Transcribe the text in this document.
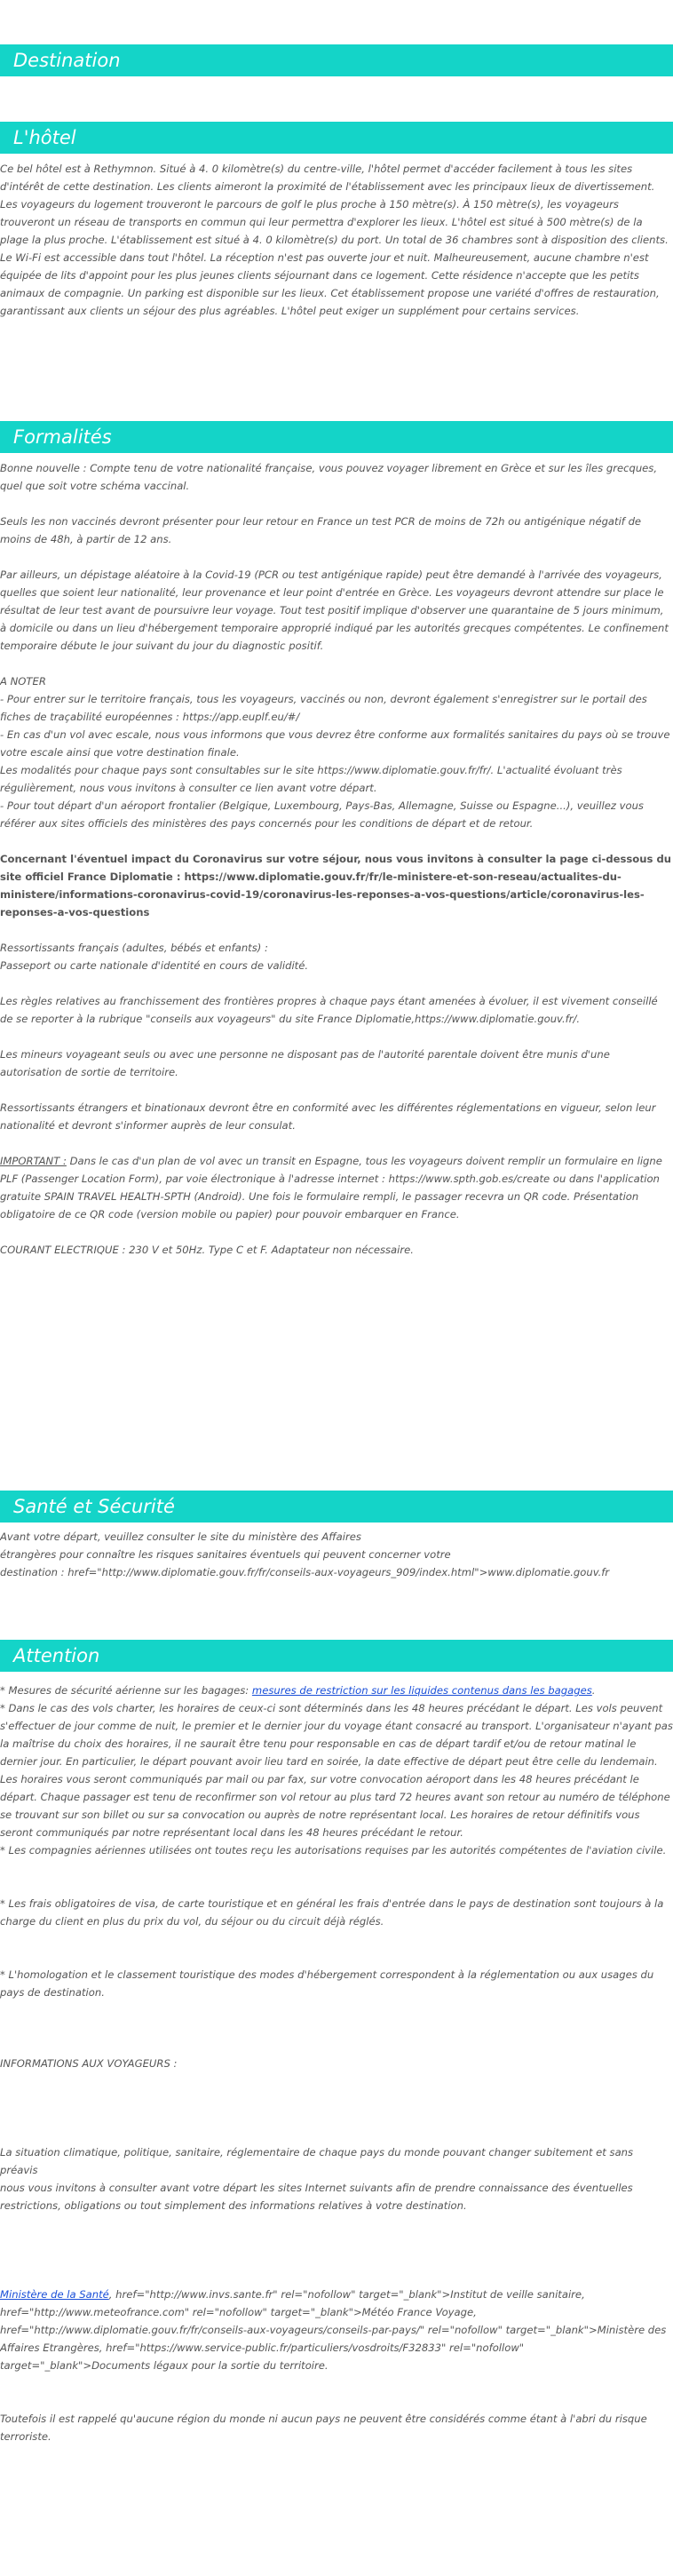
Destination
L'hôtel

Ce bel hôtel est à Rethymnon. Situé à 4. 0 kilomètre(s) du centre-ville, l'hôtel permet d'accéder facilement à tous les sites d'intérêt de cette destination. Les clients aimeront la proximité de l'établissement avec les principaux lieux de divertissement. Les voyageurs du logement trouveront le parcours de golf le plus proche à 150 mètre(s). À 150 mètre(s), les voyageurs trouveront un réseau de transports en commun qui leur permettra d'explorer les lieux. L'hôtel est situé à 500 mètre(s) de la plage la plus proche. L'établissement est situé à 4. 0 kilomètre(s) du port. Un total de 36 chambres sont à disposition des clients. Le Wi-Fi est accessible dans tout l'hôtel. La réception n'est pas ouverte jour et nuit. Malheureusement, aucune chambre n'est équipée de lits d'appoint pour les plus jeunes clients séjournant dans ce logement. Cette résidence n'accepte que les petits animaux de compagnie. Un parking est disponible sur les lieux. Cet établissement propose une variété d'offres de restauration, garantissant aux clients un séjour des plus agréables. L'hôtel peut exiger un supplément pour certains services.

Formalités

Bonne nouvelle : Compte tenu de votre nationalité française, vous pouvez voyager librement en Grèce et sur les îles grecques, quel que soit votre schéma vaccinal.

Seuls les non vaccinés devront présenter pour leur retour en France un test PCR de moins de 72h ou antigénique négatif de moins de 48h, à partir de 12 ans.

Par ailleurs, un dépistage aléatoire à la Covid-19 (PCR ou test antigénique rapide) peut être demandé à l'arrivée des voyageurs, quelles que soient leur nationalité, leur provenance et leur point d'entrée en Grèce. Les voyageurs devront attendre sur place le résultat de leur test avant de poursuivre leur voyage. Tout test positif implique d'observer une quarantaine de 5 jours minimum, à domicile ou dans un lieu d'hébergement temporaire approprié indiqué par les autorités grecques compétentes. Le confinement temporaire débute le jour suivant du jour du diagnostic positif.

A NOTER

- Pour entrer sur le territoire français, tous les voyageurs, vaccinés ou non, devront également s'enregistrer sur le portail des fiches de traçabilité européennes : https://app.euplf.eu/#/

- En cas d'un vol avec escale, nous vous informons que vous devrez être conforme aux formalités sanitaires du pays où se trouve votre escale ainsi que votre destination finale.

Les modalités pour chaque pays sont consultables sur le site https://www.diplomatie.gouv.fr/fr/. L'actualité évoluant très régulièrement, nous vous invitons à consulter ce lien avant votre départ.

- Pour tout départ d'un aéroport frontalier (Belgique, Luxembourg, Pays-Bas, Allemagne, Suisse ou Espagne...), veuillez vous référer aux sites officiels des ministères des pays concernés pour les conditions de départ et de retour.

Concernant l'éventuel impact du Coronavirus sur votre séjour, nous vous invitons à consulter la page ci-dessous du site officiel France Diplomatie : https://www.diplomatie.gouv.fr/fr/le-ministere-et-son-reseau/actualites-du-ministere/informations-coronavirus-covid-19/coronavirus-les-reponses-a-vos-questions/article/coronavirus-les-reponses-a-vos-questions

Ressortissants français (adultes, bébés et enfants) :

Passeport ou carte nationale d'identité en cours de validité.

Les règles relatives au franchissement des frontières propres à chaque pays étant amenées à évoluer, il est vivement conseillé de se reporter à la rubrique "conseils aux voyageurs" du site France Diplomatie,https://www.diplomatie.gouv.fr/.

Les mineurs voyageant seuls ou avec une personne ne disposant pas de l'autorité parentale doivent être munis d'une autorisation de sortie de territoire.

Ressortissants étrangers et binationaux devront être en conformité avec les différentes réglementations en vigueur, selon leur nationalité et devront s'informer auprès de leur consulat.

IMPORTANT : Dans le cas d'un plan de vol avec un transit en Espagne, tous les voyageurs doivent remplir un formulaire en ligne PLF (Passenger Location Form), par voie électronique à l'adresse internet : https://www.spth.gob.es/create ou dans l'application gratuite SPAIN TRAVEL HEALTH-SPTH (Android). Une fois le formulaire rempli, le passager recevra un QR code. Présentation obligatoire de ce QR code (version mobile ou papier) pour pouvoir embarquer en France.

COURANT ELECTRIQUE : 230 V et 50Hz. Type C et F. Adaptateur non nécessaire.

Santé et Sécurité

Avant votre départ, veuillez consulter le site du ministère des Affaires

étrangères pour connaître les risques sanitaires éventuels qui peuvent concerner votre

destination : href="http://www.diplomatie.gouv.fr/fr/conseils-aux-voyageurs_909/index.html">www.diplomatie.gouv.fr

Attention

* Mesures de sécurité aérienne sur les bagages: mesures de restriction sur les liquides contenus dans les bagages.

* Dans le cas des vols charter, les horaires de ceux-ci sont déterminés dans les 48 heures précédant le départ. Les vols peuvent s'effectuer de jour comme de nuit, le premier et le dernier jour du voyage étant consacré au transport. L'organisateur n'ayant pas la maîtrise du choix des horaires, il ne saurait être tenu pour responsable en cas de départ tardif et/ou de retour matinal le dernier jour. En particulier, le départ pouvant avoir lieu tard en soirée, la date effective de départ peut être celle du lendemain. Les horaires vous seront communiqués par mail ou par fax, sur votre convocation aéroport dans les 48 heures précédant le départ. Chaque passager est tenu de reconfirmer son vol retour au plus tard 72 heures avant son retour au numéro de téléphone se trouvant sur son billet ou sur sa convocation ou auprès de notre représentant local. Les horaires de retour définitifs vous seront communiqués par notre représentant local dans les 48 heures précédant le retour.

* Les compagnies aériennes utilisées ont toutes reçu les autorisations requises par les autorités compétentes de l'aviation civile.

* Les frais obligatoires de visa, de carte touristique et en général les frais d'entrée dans le pays de destination sont toujours à la charge du client en plus du prix du vol, du séjour ou du circuit déjà réglés.

* L'homologation et le classement touristique des modes d'hébergement correspondent à la réglementation ou aux usages du pays de destination.

INFORMATIONS AUX VOYAGEURS :

La situation climatique, politique, sanitaire, réglementaire de chaque pays du monde pouvant changer subitement et sans préavis

nous vous invitons à consulter avant votre départ les sites Internet suivants afin de prendre connaissance des éventuelles restrictions, obligations ou tout simplement des informations relatives à votre destination.

Ministère de la Santé, href="http://www.invs.sante.fr" rel="nofollow" target="_blank">Institut de veille sanitaire, href="http://www.meteofrance.com" rel="nofollow" target="_blank">Météo France Voyage, href="http://www.diplomatie.gouv.fr/fr/conseils-aux-voyageurs/conseils-par-pays/" rel="nofollow" target="_blank">Ministère des Affaires Etrangères, href="https://www.service-public.fr/particuliers/vosdroits/F32833" rel="nofollow" target="_blank">Documents légaux pour la sortie du territoire.

Toutefois il est rappelé qu'aucune région du monde ni aucun pays ne peuvent être considérés comme étant à l'abri du risque terroriste.
